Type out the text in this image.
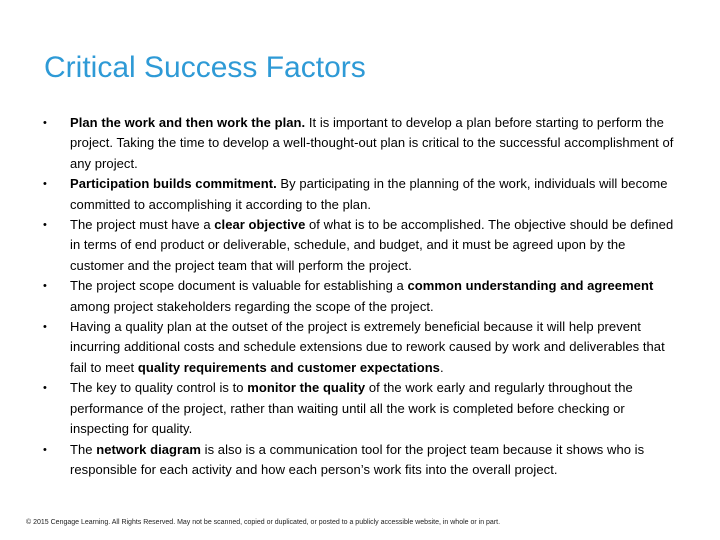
Critical Success Factors
•	Plan the work and then work the plan. It is important to develop a plan before starting to perform the project. Taking the time to develop a well-thought-out plan is critical to the successful accomplishment of any project.
•	Participation builds commitment. By participating in the planning of the work, individuals will become committed to accomplishing it according to the plan.
•	The project must have a clear objective of what is to be accomplished. The objective should be defined in terms of end product or deliverable, schedule, and budget, and it must be agreed upon by the customer and the project team that will perform the project.
•	The project scope document is valuable for establishing a common understanding and agreement among project stakeholders regarding the scope of the project.
•	Having a quality plan at the outset of the project is extremely beneficial because it will help prevent incurring additional costs and schedule extensions due to rework caused by work and deliverables that fail to meet quality requirements and customer expectations.
•	The key to quality control is to monitor the quality of the work early and regularly throughout the performance of the project, rather than waiting until all the work is completed before checking or inspecting for quality.
•	The network diagram is also is a communication tool for the project team because it shows who is responsible for each activity and how each person’s work fits into the overall project.
© 2015 Cengage Learning. All Rights Reserved. May not be scanned, copied or duplicated, or posted to a publicly accessible website, in whole or in part.
